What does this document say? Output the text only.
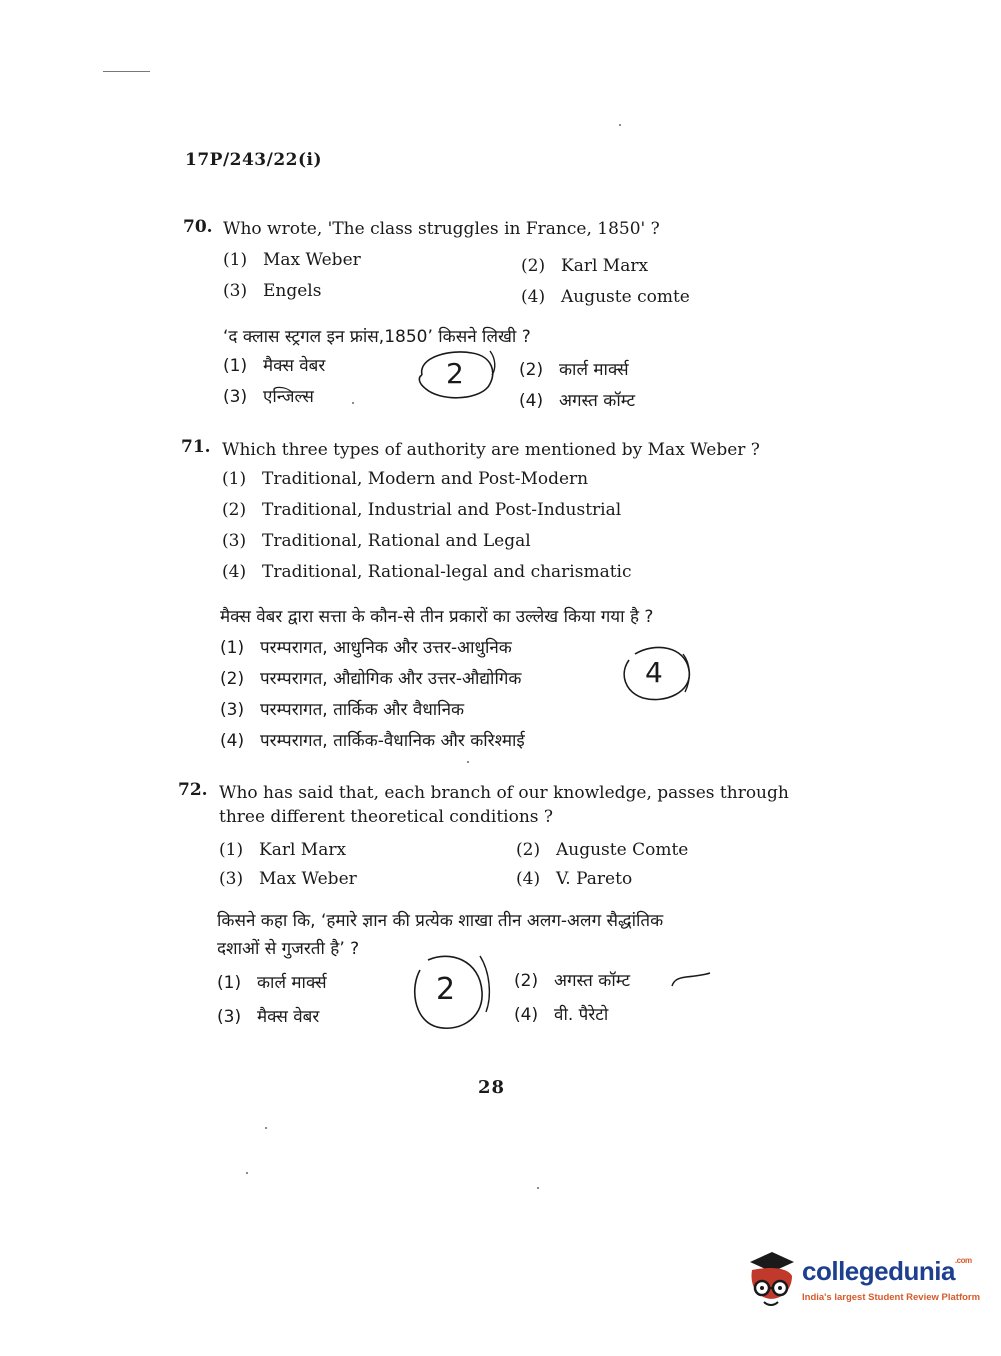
17P/243/22(i)
70. Who wrote, 'The class struggles in France, 1850' ?
(1) Max Weber	(2) Karl Marx
(3) Engels	(4) Auguste comte
‘द क्लास स्ट्रगल इन फ्रांस,1850’ किसने लिखी ?
(1) मैक्स वेबर	(2) कार्ल मार्क्स
(3) एन्जिल्स	(4) अगस्त कॉम्ट
2
71. Which three types of authority are mentioned by Max Weber ?
(1) Traditional, Modern and Post-Modern
(2) Traditional, Industrial and Post-Industrial
(3) Traditional, Rational and Legal
(4) Traditional, Rational-legal and charismatic
मैक्स वेबर द्वारा सत्ता के कौन-से तीन प्रकारों का उल्लेख किया गया है ?
(1) परम्परागत, आधुनिक और उत्तर-आधुनिक
(2) परम्परागत, औद्योगिक और उत्तर-औद्योगिक
(3) परम्परागत, तार्किक और वैधानिक
(4) परम्परागत, तार्किक-वैधानिक और करिश्माई
4
72. Who has said that, each branch of our knowledge, passes through
three different theoretical conditions ?
(1) Karl Marx	(2) Auguste Comte
(3) Max Weber	(4) V. Pareto
किसने कहा कि, ‘हमारे ज्ञान की प्रत्येक शाखा तीन अलग-अलग सैद्धांतिक
दशाओं से गुजरती है’ ?
(1) कार्ल मार्क्स	(2) अगस्त कॉम्ट
(3) मैक्स वेबर	(4) वी. पैरेटो
2
28
collegedunia$^{.com}$
India's largest Student Review Platform
